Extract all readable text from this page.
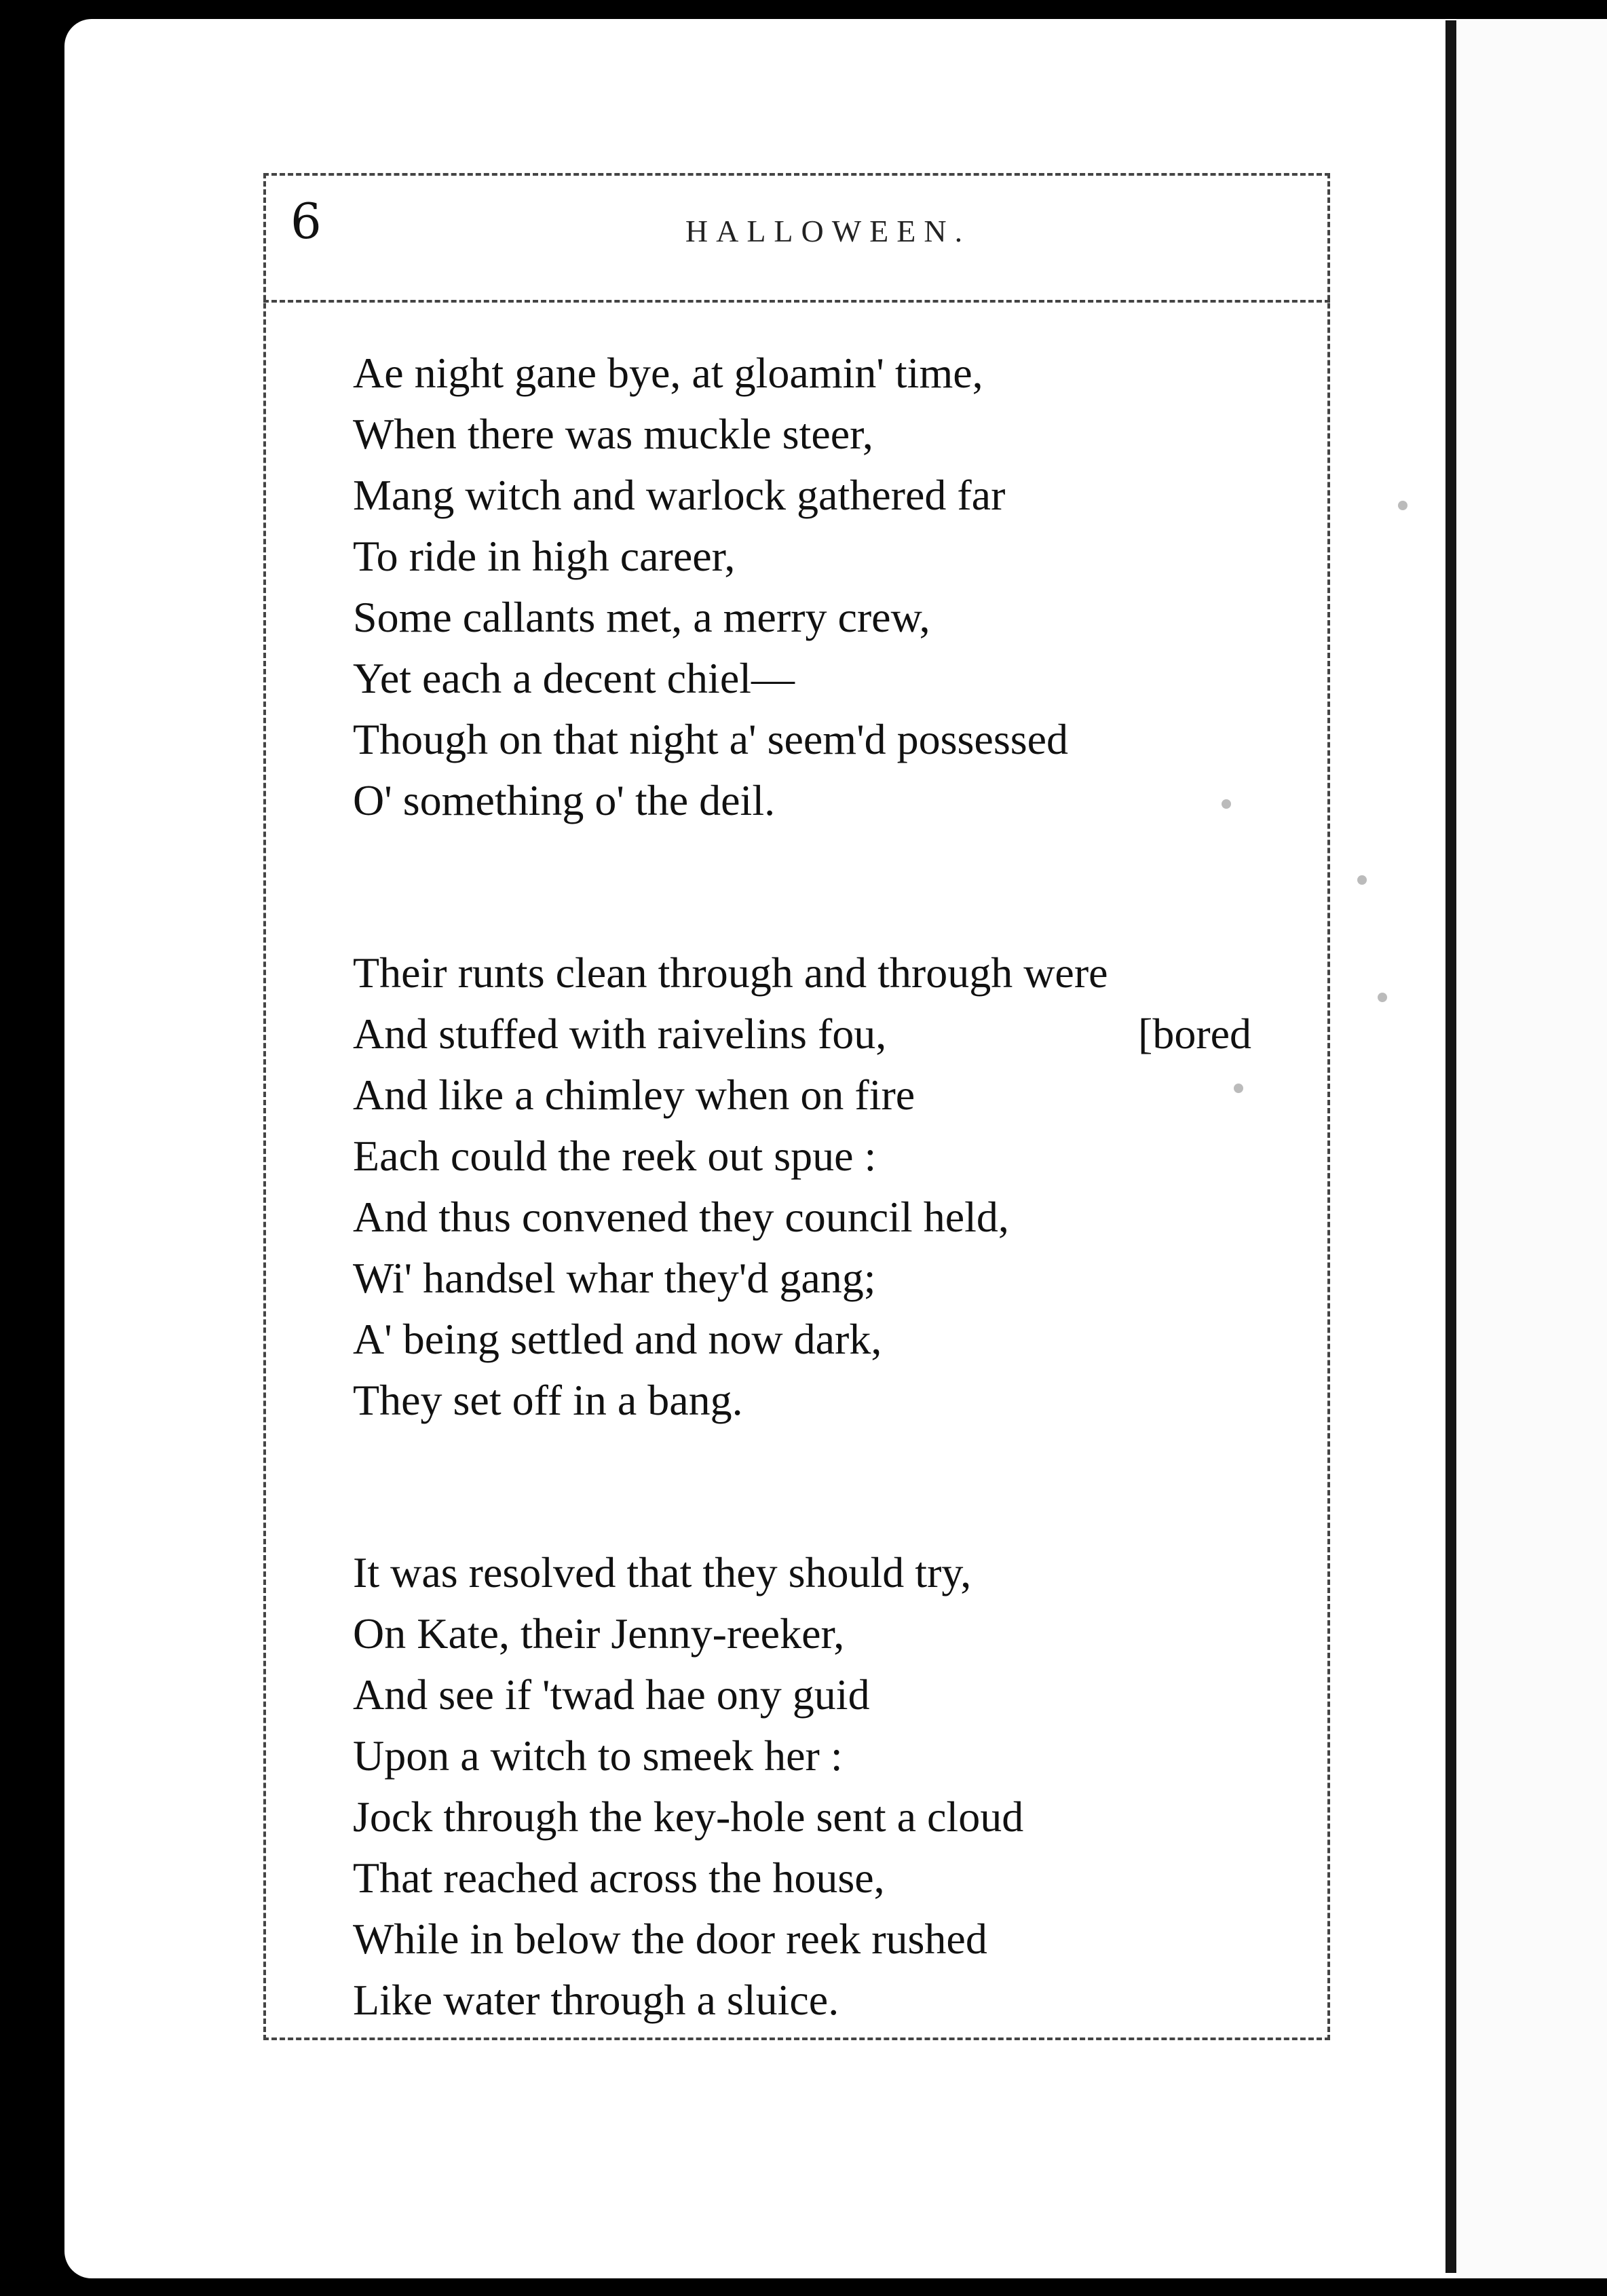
6	HALLOWEEN.
Ae night gane bye, at gloamin' time,
When there was muckle steer,
Mang witch and warlock gathered far
To ride in high career,
Some callants met, a merry crew,
Yet each a decent chiel—
Though on that night a' seem'd possessed
O' something o' the deil.
Their runts clean through and through were
And stuffed with raivelins fou,	[bored
And like a chimley when on fire
Each could the reek out spue :
And thus convened they council held,
Wi' handsel whar they'd gang;
A' being settled and now dark,
They set off in a bang.
It was resolved that they should try,
On Kate, their Jenny-reeker,
And see if 'twad hae ony guid
Upon a witch to smeek her :
Jock through the key-hole sent a cloud
That reached across the house,
While in below the door reek rushed
Like water through a sluice.
